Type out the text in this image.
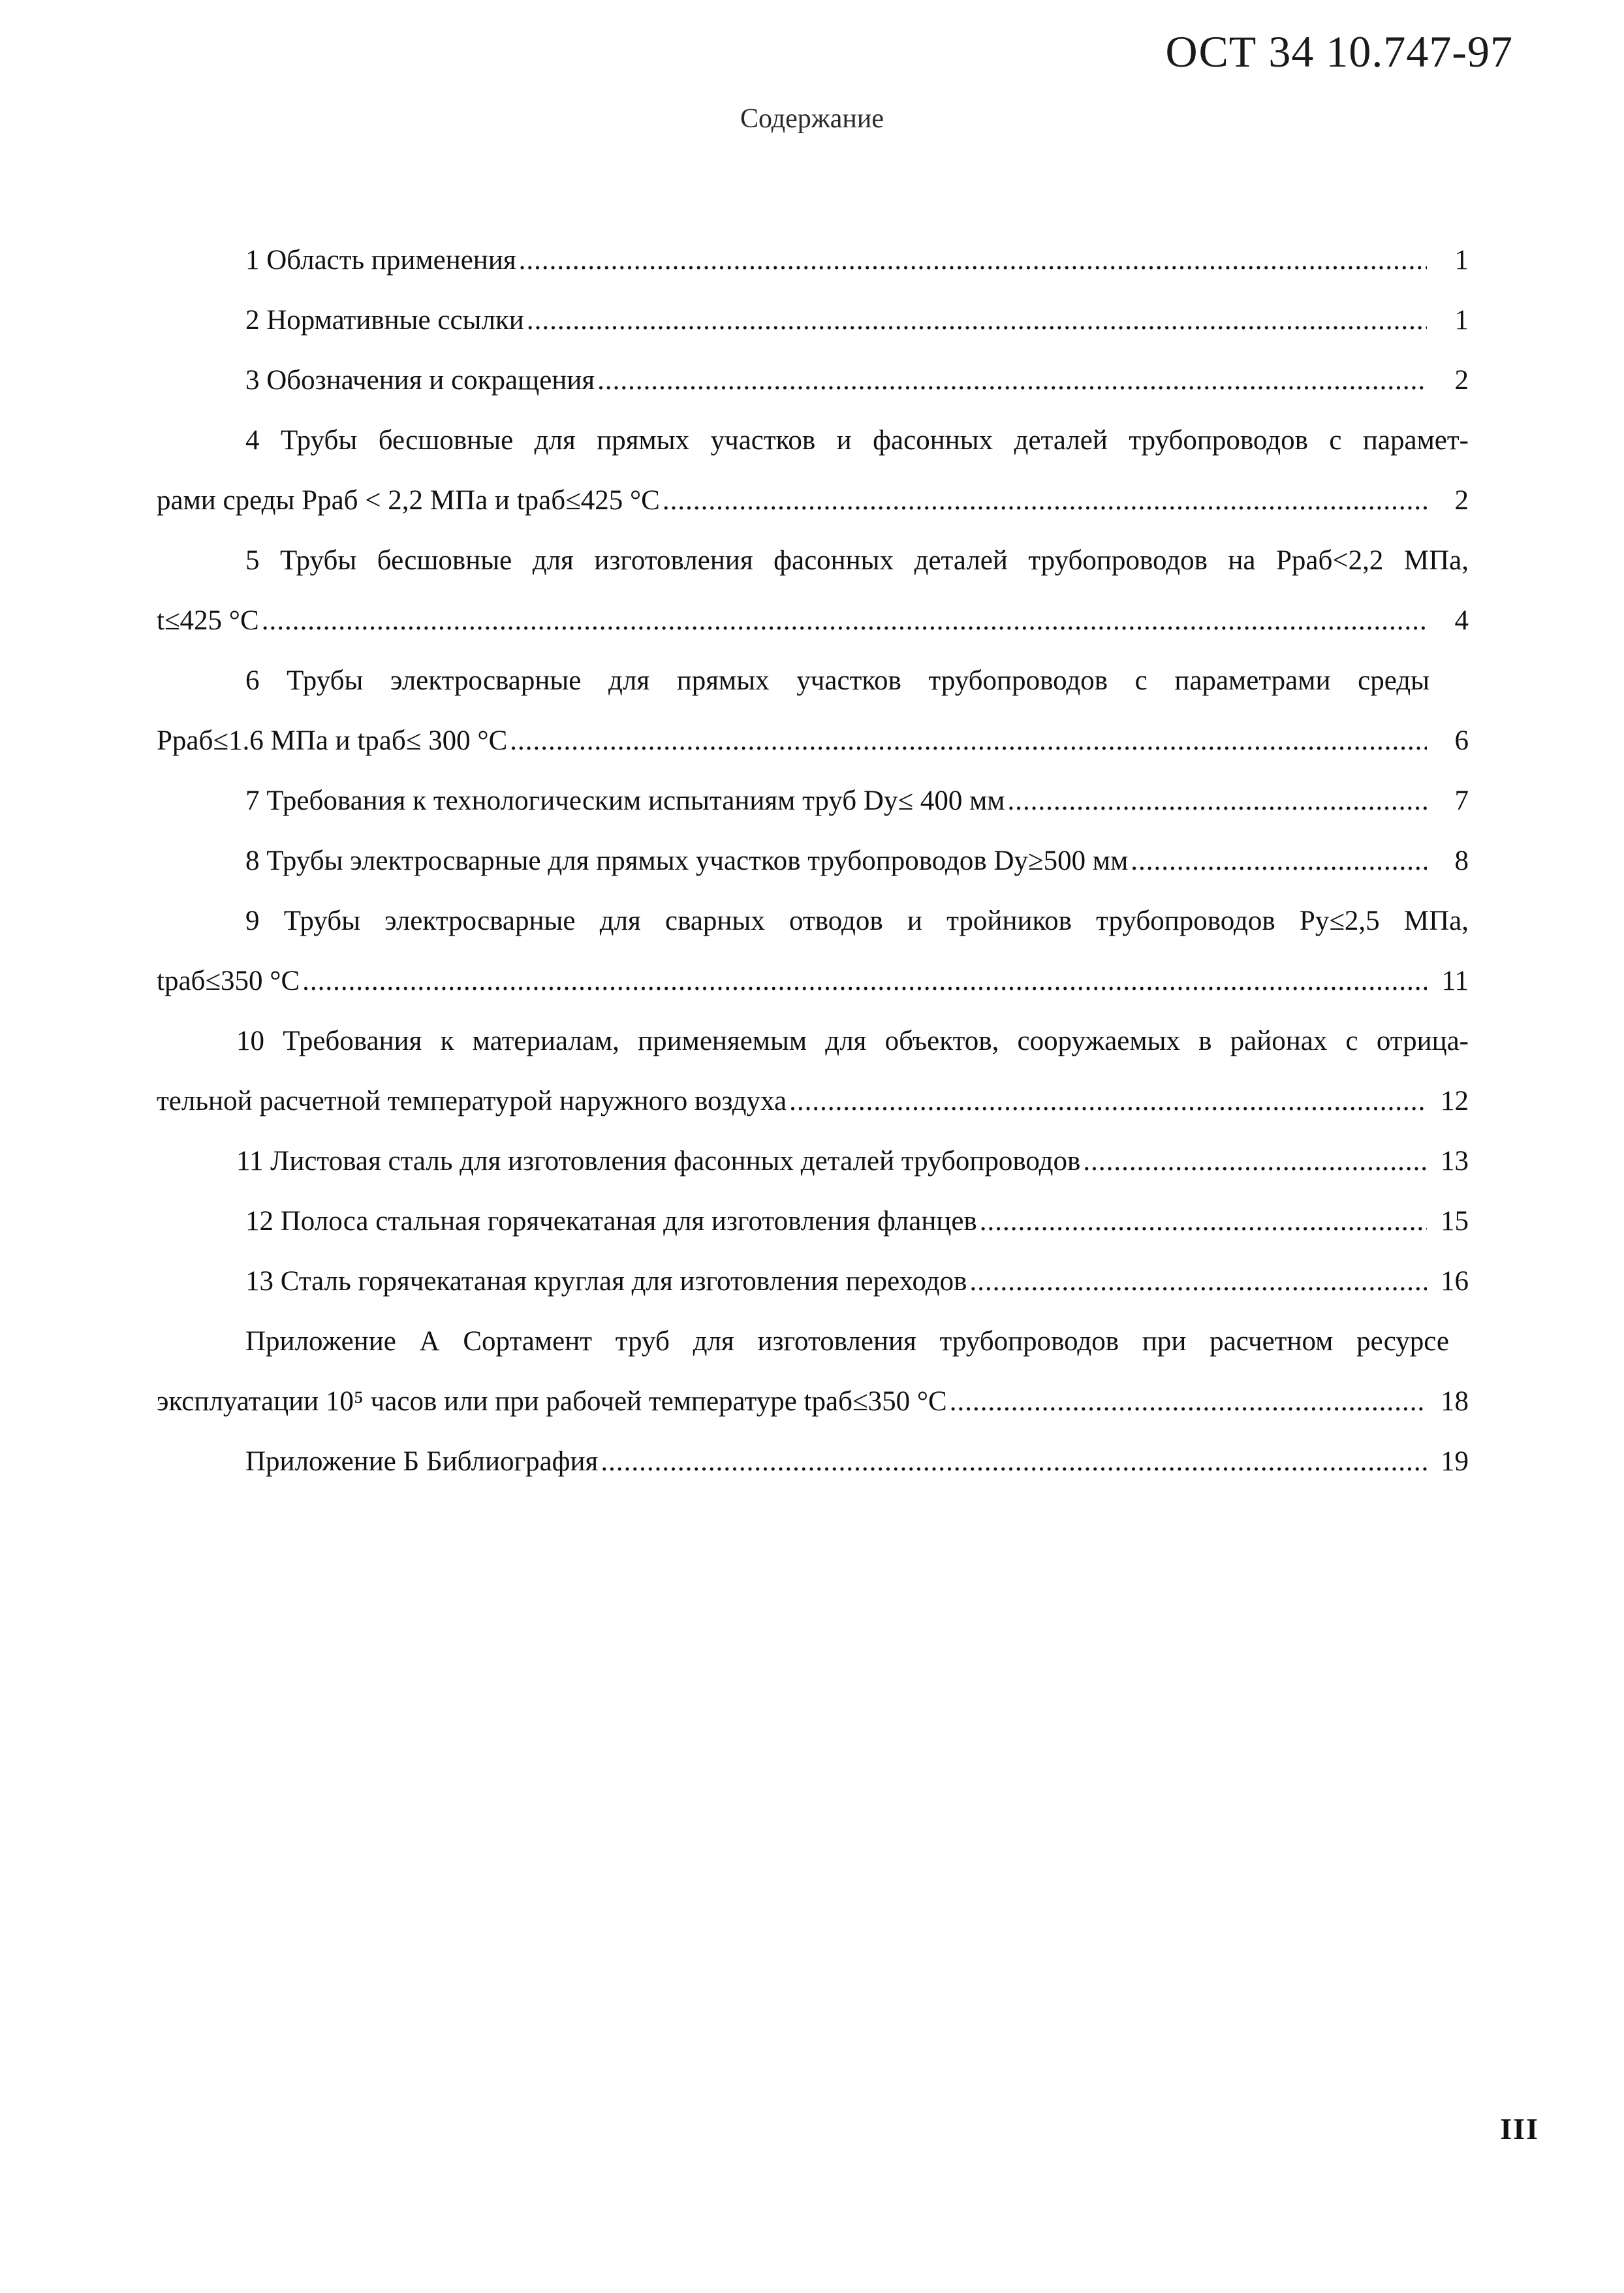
ОСТ 34 10.747-97
Содержание
1 Область применения .....	1
2 Нормативные ссылки .....	1
3 Обозначения и сокращения .....	2
4 Трубы бесшовные для прямых участков и фасонных деталей трубопроводов с парамет-
рами среды Рраб < 2,2 МПа и tраб≤425 °С .....	2
5 Трубы бесшовные для изготовления фасонных деталей трубопроводов на Рраб<2,2 МПа,
t≤425 °С .....	4
6 Трубы электросварные для прямых участков трубопроводов с параметрами среды
Рраб≤1.6 МПа и tраб≤ 300 °С .....	6
7 Требования к технологическим испытаниям труб Dу≤ 400 мм .....	7
8 Трубы электросварные для прямых участков трубопроводов Dу≥500 мм .....	8
9 Трубы электросварные для сварных отводов и тройников трубопроводов Ру≤2,5 МПа,
tраб≤350 °С .....	11
10 Требования к материалам, применяемым для объектов, сооружаемых в районах с отрица-
тельной расчетной температурой наружного воздуха .....	12
11 Листовая сталь для изготовления фасонных деталей трубопроводов .....	13
12 Полоса стальная горячекатаная для изготовления фланцев .....	15
13 Сталь горячекатаная круглая для изготовления переходов .....	16
Приложение А Сортамент труб для изготовления трубопроводов при расчетном ресурсе
эксплуатации 10⁵ часов или при рабочей температуре tраб≤350 °С .....	18
Приложение Б Библиография .....	19
III
